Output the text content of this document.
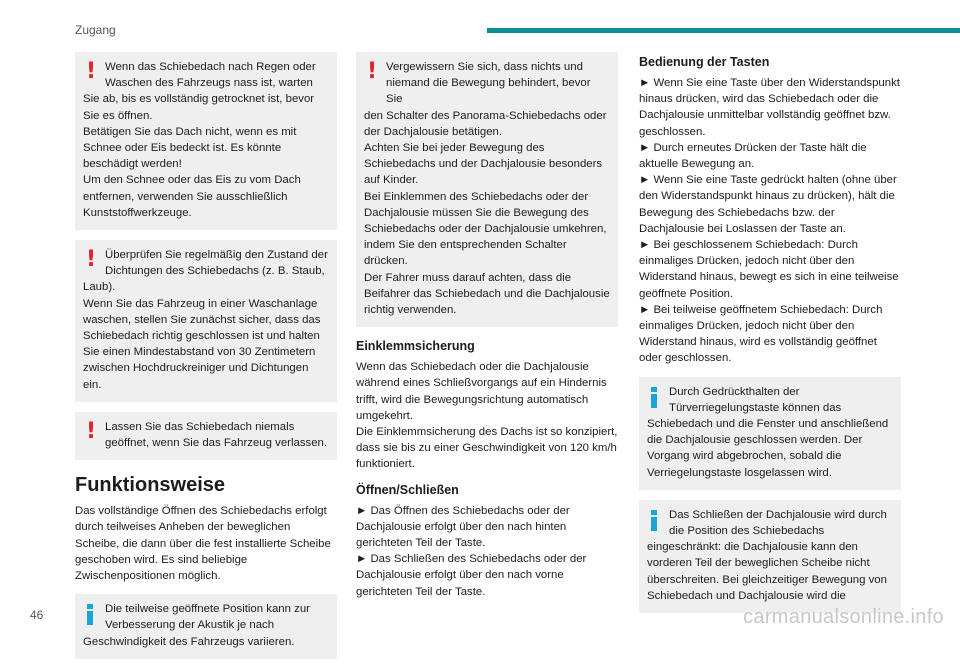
Zugang
! Wenn das Schiebedach nach Regen oder Waschen des Fahrzeugs nass ist, warten
Sie ab, bis es vollständig getrocknet ist, bevor Sie es öffnen.
Betätigen Sie das Dach nicht, wenn es mit Schnee oder Eis bedeckt ist. Es könnte beschädigt werden!
Um den Schnee oder das Eis zu vom Dach entfernen, verwenden Sie ausschließlich Kunststoffwerkzeuge.
! Überprüfen Sie regelmäßig den Zustand der Dichtungen des Schiebedachs (z. B. Staub,
Laub).
Wenn Sie das Fahrzeug in einer Waschanlage waschen, stellen Sie zunächst sicher, dass das Schiebedach richtig geschlossen ist und halten Sie einen Mindestabstand von 30 Zentimetern zwischen Hochdruckreiniger und Dichtungen ein.
! Lassen Sie das Schiebedach niemals geöffnet, wenn Sie das Fahrzeug verlassen.
Funktionsweise
Das vollständige Öffnen des Schiebedachs erfolgt durch teilweises Anheben der beweglichen Scheibe, die dann über die fest installierte Scheibe geschoben wird. Es sind beliebige Zwischenpositionen möglich.
Die teilweise geöffnete Position kann zur Verbesserung der Akustik je nach
Geschwindigkeit des Fahrzeugs variieren.
! Vergewissern Sie sich, dass nichts und niemand die Bewegung behindert, bevor Sie
den Schalter des Panorama-Schiebedachs oder der Dachjalousie betätigen.
Achten Sie bei jeder Bewegung des Schiebedachs und der Dachjalousie besonders auf Kinder.
Bei Einklemmen des Schiebedachs oder der Dachjalousie müssen Sie die Bewegung des Schiebedachs oder der Dachjalousie umkehren, indem Sie den entsprechenden Schalter drücken.
Der Fahrer muss darauf achten, dass die Beifahrer das Schiebedach und die Dachjalousie richtig verwenden.
Einklemmsicherung
Wenn das Schiebedach oder die Dachjalousie während eines Schließvorgangs auf ein Hindernis trifft, wird die Bewegungsrichtung automatisch umgekehrt.
Die Einklemmsicherung des Dachs ist so konzipiert, dass sie bis zu einer Geschwindigkeit von 120 km/h funktioniert.
Öffnen/Schließen
► Das Öffnen des Schiebedachs oder der Dachjalousie erfolgt über den nach hinten gerichteten Teil der Taste.
► Das Schließen des Schiebedachs oder der Dachjalousie erfolgt über den nach vorne gerichteten Teil der Taste.
Bedienung der Tasten
► Wenn Sie eine Taste über den Widerstandspunkt hinaus drücken, wird das Schiebedach oder die Dachjalousie unmittelbar vollständig geöffnet bzw. geschlossen.
► Durch erneutes Drücken der Taste hält die aktuelle Bewegung an.
► Wenn Sie eine Taste gedrückt halten (ohne über den Widerstandspunkt hinaus zu drücken), hält die Bewegung des Schiebedachs bzw. der Dachjalousie bei Loslassen der Taste an.
► Bei geschlossenem Schiebedach: Durch einmaliges Drücken, jedoch nicht über den Widerstand hinaus, bewegt es sich in eine teilweise geöffnete Position.
► Bei teilweise geöffnetem Schiebedach: Durch einmaliges Drücken, jedoch nicht über den Widerstand hinaus, wird es vollständig geöffnet oder geschlossen.
Durch Gedrückthalten der Türverriegelungstaste können das
Schiebedach und die Fenster und anschließend die Dachjalousie geschlossen werden. Der Vorgang wird abgebrochen, sobald die Verriegelungstaste losgelassen wird.
Das Schließen der Dachjalousie wird durch die Position des Schiebedachs
eingeschränkt: die Dachjalousie kann den vorderen Teil der beweglichen Scheibe nicht überschreiten. Bei gleichzeitiger Bewegung von Schiebedach und Dachjalousie wird die
46	carmanualsonline.info
